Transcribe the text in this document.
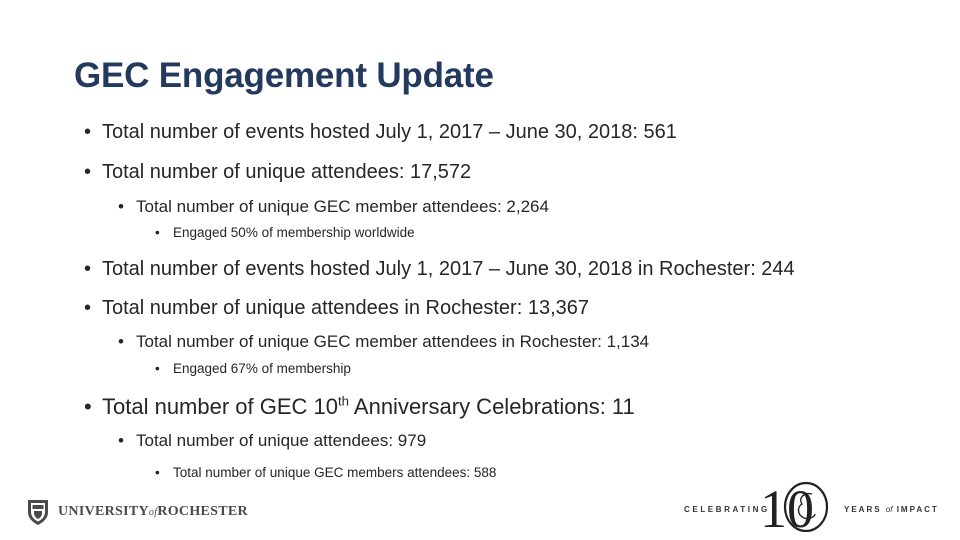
GEC Engagement Update
• Total number of events hosted July 1, 2017 – June 30, 2018: 561
• Total number of unique attendees: 17,572
• Total number of unique GEC member attendees: 2,264
• Engaged 50% of membership worldwide
• Total number of events hosted July 1, 2017 – June 30, 2018 in Rochester: 244
• Total number of unique attendees in Rochester: 13,367
• Total number of unique GEC member attendees in Rochester: 1,134
• Engaged 67% of membership
• Total number of GEC 10th Anniversary Celebrations: 11
• Total number of unique attendees: 979
• Total number of unique GEC members attendees: 588
UNIVERSITYofROCHESTER	CELEBRATING
10	YEARS of IMPACT
